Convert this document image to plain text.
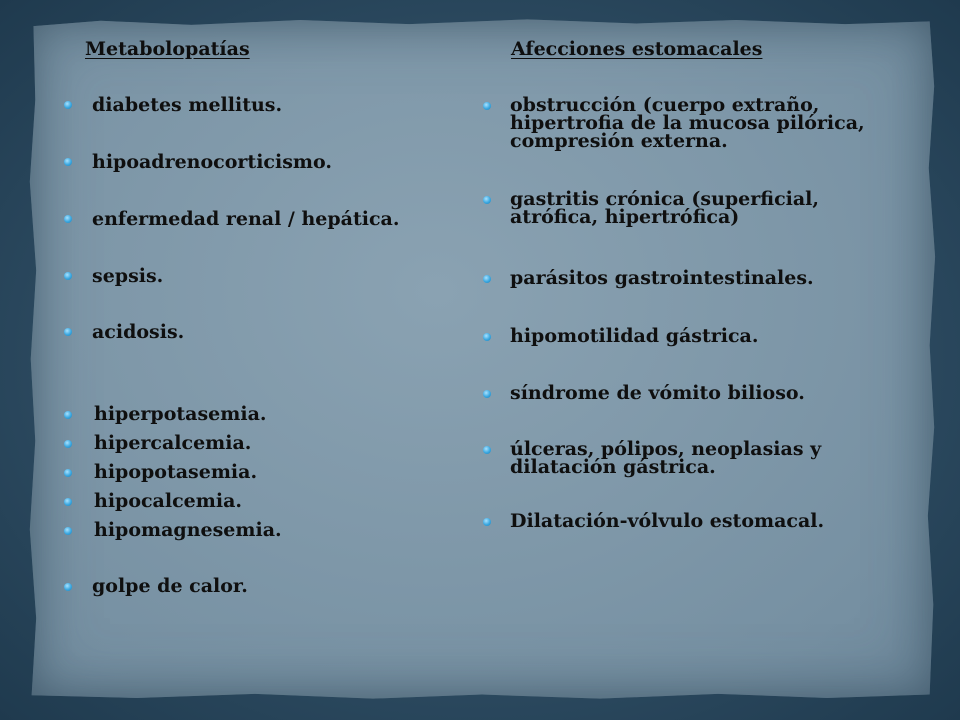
Metabolopatías	Afecciones estomacales
diabetes mellitus.
hipoadrenocorticismo.
enfermedad renal / hepática.
sepsis.
acidosis.
hiperpotasemia.
hipercalcemia.
hipopotasemia.
hipocalcemia.
hipomagnesemia.
golpe de calor.
obstrucción (cuerpo extraño,
hipertrofia de la mucosa pilórica,
compresión externa.
gastritis crónica (superficial,
atrófica, hipertrófica)
parásitos gastrointestinales.
hipomotilidad gástrica.
síndrome de vómito bilioso.
úlceras, pólipos, neoplasias y
dilatación gástrica.
Dilatación-vólvulo estomacal.
